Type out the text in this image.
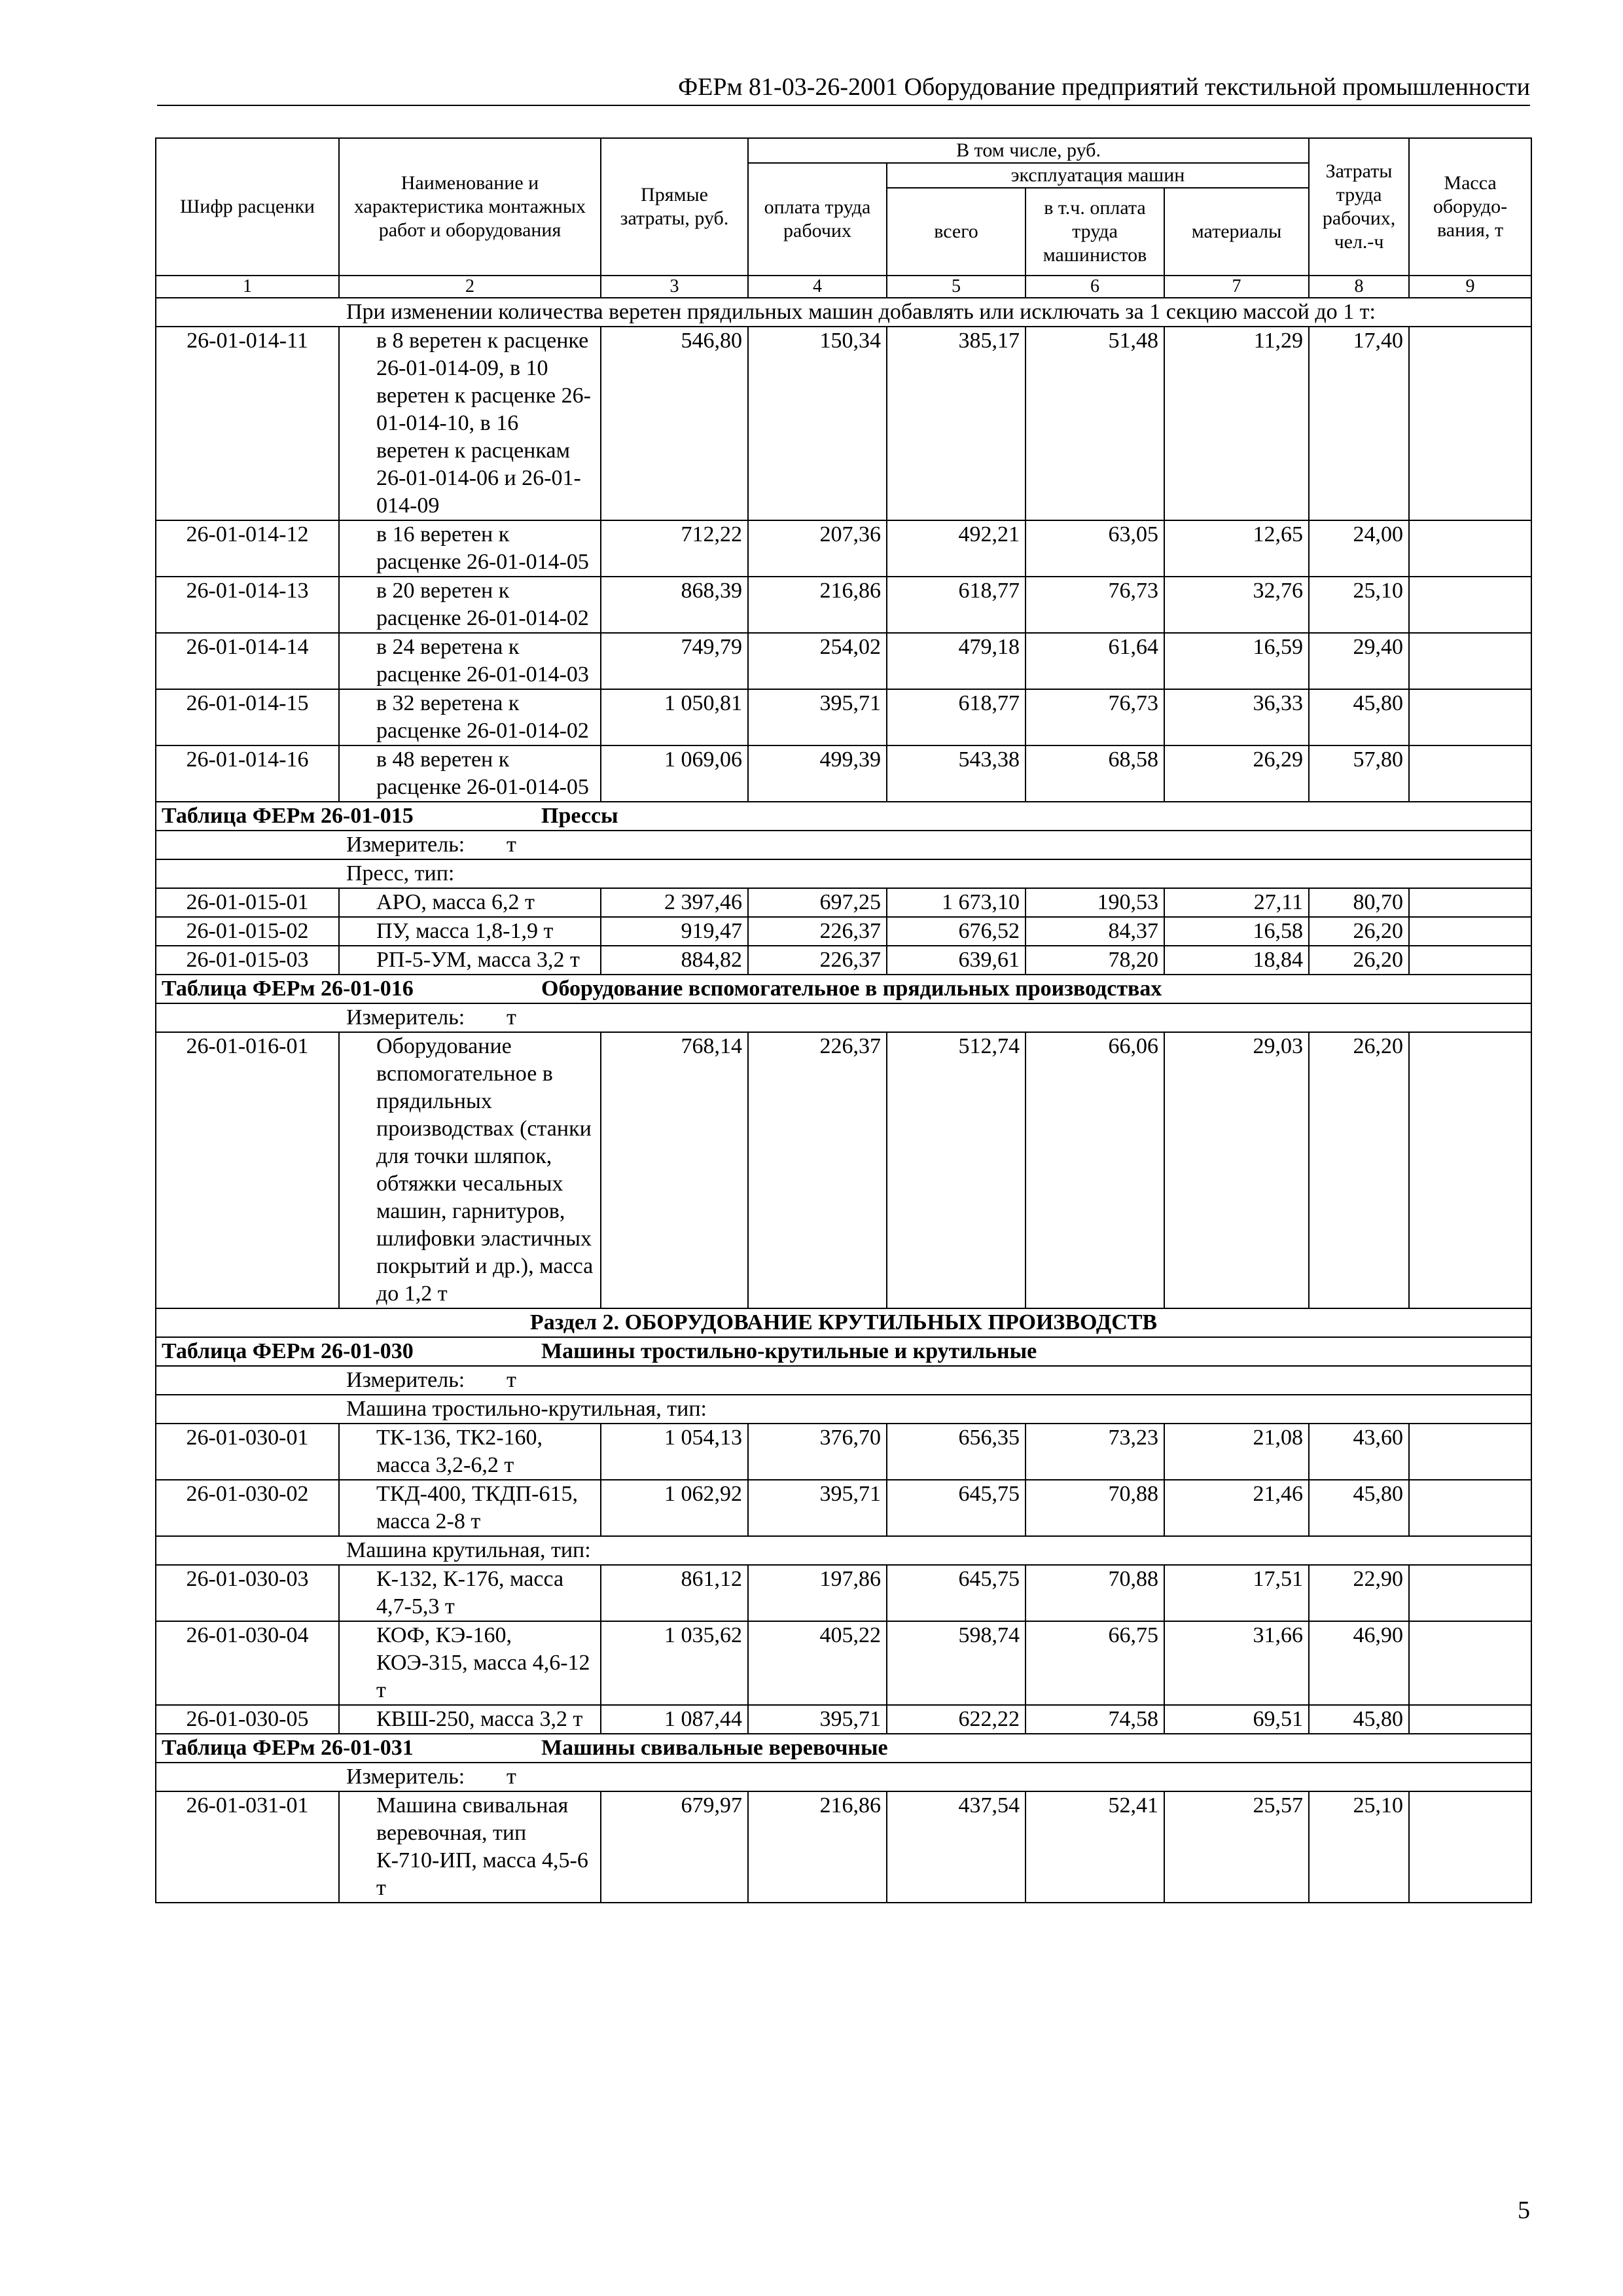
ФЕРм 81-03-26-2001 Оборудование предприятий текстильной промышленности
Шифр расценки	Наименование и характеристика монтажных работ и оборудования	Прямые затраты, руб.	В том числе, руб.				Затраты труда рабочих, чел.-ч	Масса оборудо-вания, т
			оплата труда рабочих	эксплуатация машин				
				всего	в т.ч. оплата труда машинистов	материалы		

1	2	3	4	5	6	7	8	9
При изменении количества веретен прядильных машин добавлять или исключать за 1 секцию массой до 1 т:								
26-01-014-11	в 8 веретен к расценке 26-01-014-09, в 10 веретен к расценке 26-01-014-10, в 16 веретен к расценкам 26-01-014-06 и 26-01-014-09	546,80	150,34	385,17	51,48	11,29	17,40	
26-01-014-12	в 16 веретен к расценке 26-01-014-05	712,22	207,36	492,21	63,05	12,65	24,00	
26-01-014-13	в 20 веретен к расценке 26-01-014-02	868,39	216,86	618,77	76,73	32,76	25,10	
26-01-014-14	в 24 веретена к расценке 26-01-014-03	749,79	254,02	479,18	61,64	16,59	29,40	
26-01-014-15	в 32 веретена к расценке 26-01-014-02	1 050,81	395,71	618,77	76,73	36,33	45,80	
26-01-014-16	в 48 веретен к расценке 26-01-014-05	1 069,06	499,39	543,38	68,58	26,29	57,80	
Таблица ФЕРм 26-01-015 Прессы								
Измеритель: т								
Пресс, тип:								
26-01-015-01	АРО, масса 6,2 т	2 397,46	697,25	1 673,10	190,53	27,11	80,70	
26-01-015-02	ПУ, масса 1,8-1,9 т	919,47	226,37	676,52	84,37	16,58	26,20	
26-01-015-03	РП-5-УМ, масса 3,2 т	884,82	226,37	639,61	78,20	18,84	26,20	
Таблица ФЕРм 26-01-016 Оборудование вспомогательное в прядильных производствах								
Измеритель: т								
26-01-016-01	Оборудование вспомогательное в прядильных производствах (станки для точки шляпок, обтяжки чесальных машин, гарнитуров, шлифовки эластичных покрытий и др.), масса до 1,2 т	768,14	226,37	512,74	66,06	29,03	26,20	
Раздел 2. ОБОРУДОВАНИЕ КРУТИЛЬНЫХ ПРОИЗВОДСТВ								
Таблица ФЕРм 26-01-030 Машины тростильно-крутильные и крутильные								
Измеритель: т								
Машина тростильно-крутильная, тип:								
26-01-030-01	ТК-136, ТК2-160, масса 3,2-6,2 т	1 054,13	376,70	656,35	73,23	21,08	43,60	
26-01-030-02	ТКД-400, ТКДП-615, масса 2-8 т	1 062,92	395,71	645,75	70,88	21,46	45,80	
Машина крутильная, тип:								
26-01-030-03	К-132, К-176, масса 4,7-5,3 т	861,12	197,86	645,75	70,88	17,51	22,90	
26-01-030-04	КОФ, КЭ-160, КОЭ-315, масса 4,6-12 т	1 035,62	405,22	598,74	66,75	31,66	46,90	
26-01-030-05	КВШ-250, масса 3,2 т	1 087,44	395,71	622,22	74,58	69,51	45,80	
Таблица ФЕРм 26-01-031 Машины свивальные веревочные								
Измеритель: т								
26-01-031-01	Машина свивальная веревочная, тип К-710-ИП, масса 4,5-6 т	679,97	216,86	437,54	52,41	25,57	25,10	
5
